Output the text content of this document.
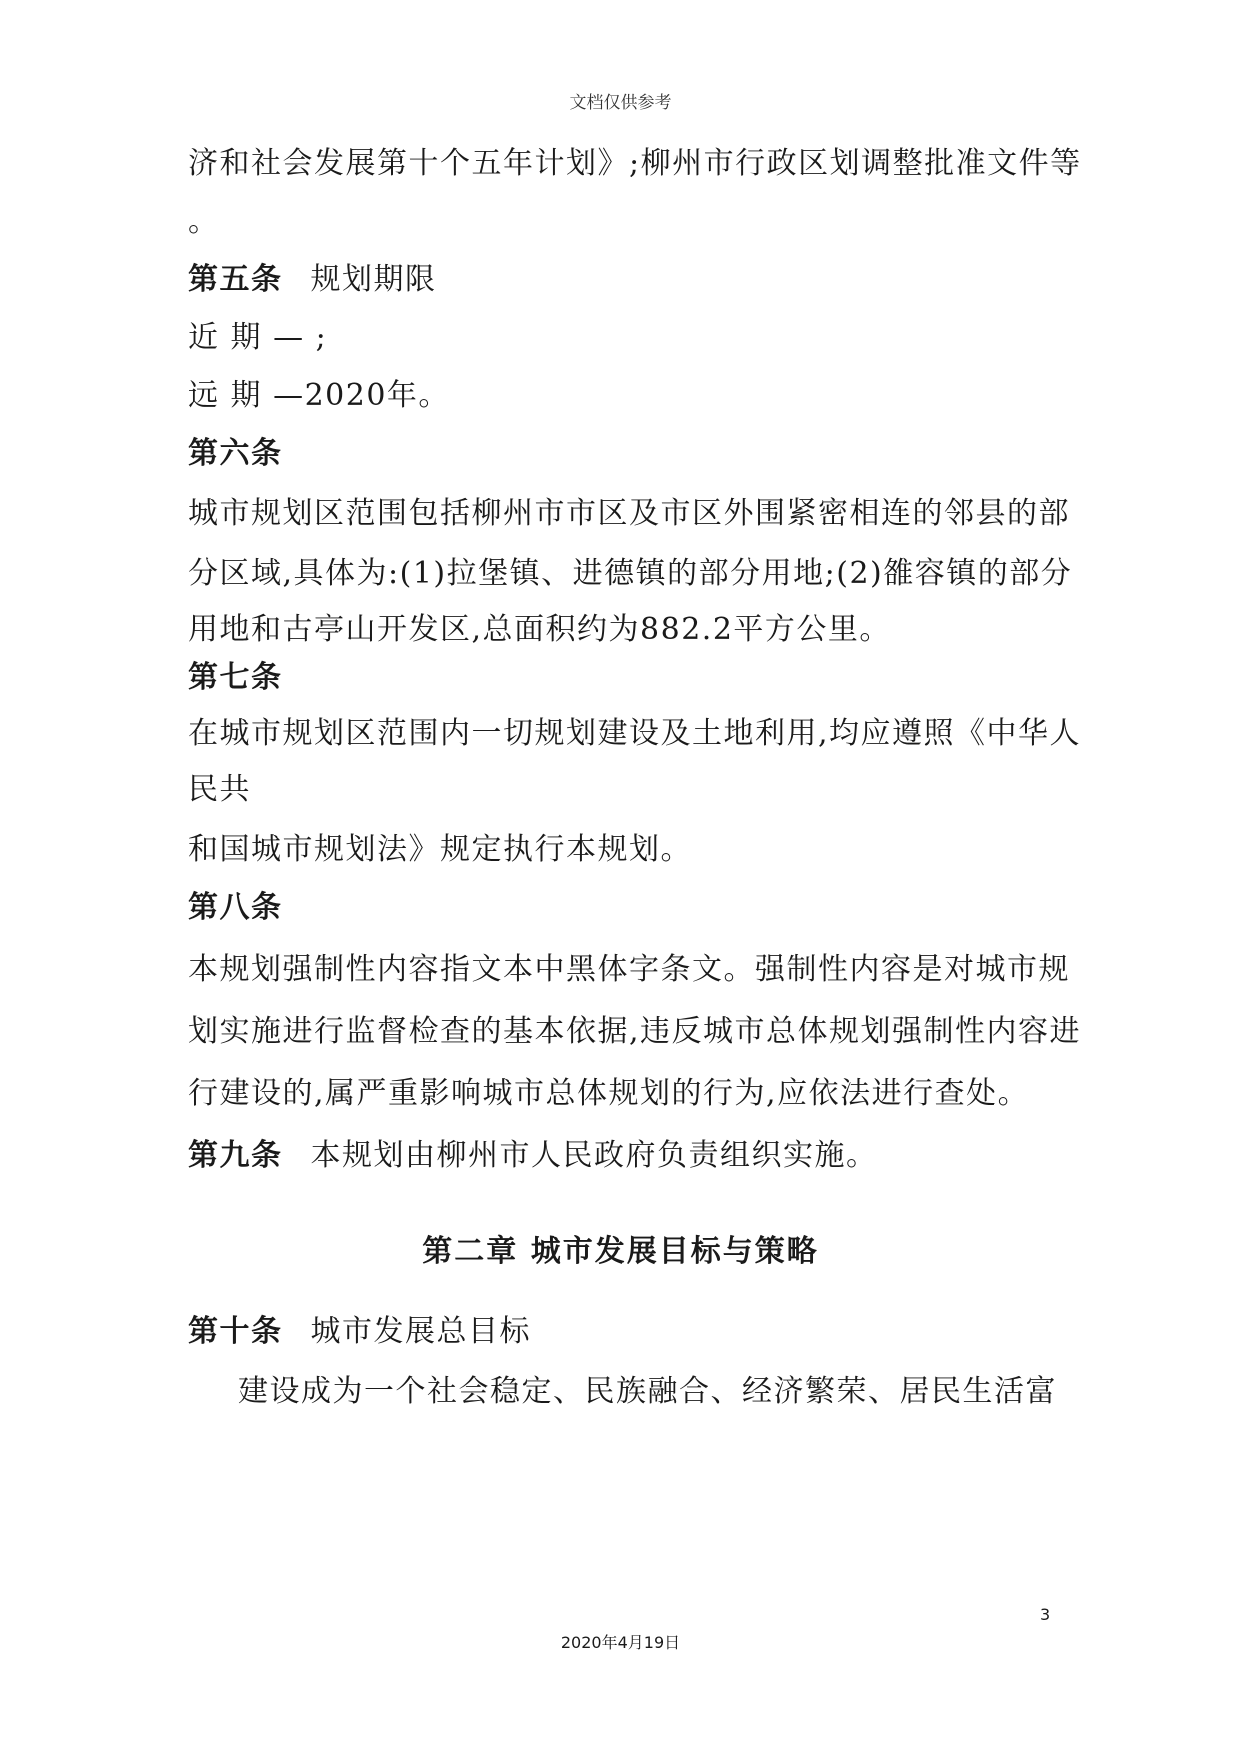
文档仅供参考
济和社会发展第十个五年计划》;柳州市行政区划调整批准文件等
。
第五条 规划期限
近 期 — ;
远 期 —2020年。
第六条
城市规划区范围包括柳州市市区及市区外围紧密相连的邻县的部
分区域,具体为:(1)拉堡镇、进德镇的部分用地;(2)雒容镇的部分
用地和古亭山开发区,总面积约为882.2平方公里。
第七条
在城市规划区范围内一切规划建设及土地利用,均应遵照《中华人
民共
和国城市规划法》规定执行本规划。
第八条
本规划强制性内容指文本中黑体字条文。强制性内容是对城市规
划实施进行监督检查的基本依据,违反城市总体规划强制性内容进
行建设的,属严重影响城市总体规划的行为,应依法进行查处。
第九条 本规划由柳州市人民政府负责组织实施。
第十条 城市发展总目标
建设成为一个社会稳定、民族融合、经济繁荣、居民生活富
第二章 城市发展目标与策略
3
2020年4月19日
